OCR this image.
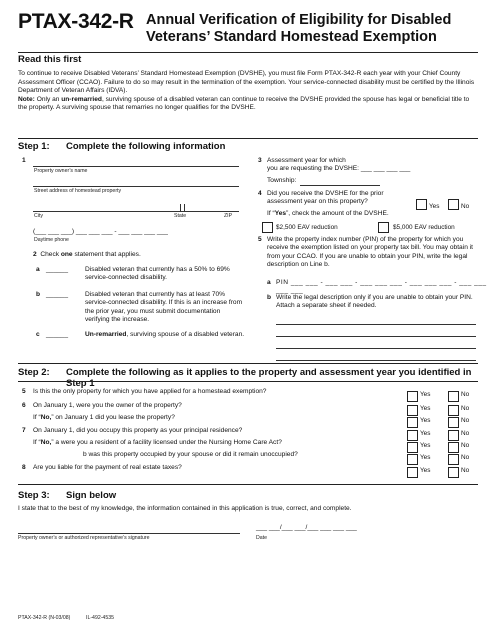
PTAX-342-R Annual Verification of Eligibility for Disabled
Veterans’ Standard Homestead Exemption
Read this first

To continue to receive Disabled Veterans’ Standard Homestead Exemption (DVSHE), you must file Form PTAX-342-R each year with your Chief County Assessment Officer (CCAO). Failure to do so may result in the termination of the exemption. Your service-connected disability must be certified by the Illinois Department of Veteran Affairs (IDVA).

Note: Only an un-remarried, surviving spouse of a disabled veteran can continue to receive the DVSHE provided the spouse has legal or beneficial title to the property. A surviving spouse that remarries no longer qualifies for the DVSHE.

Step 1: Complete the following information
1
Property owner’s name
Street address of homestead property
City	State	ZIP
(___ ___ ___) ___ ___ ___ - ___ ___ ___ ___
Daytime phone
2 Check one statement that applies.
a ______	Disabled veteran that currently has a 50% to 69% service-connected disability.
b ______	Disabled veteran that currently has at least 70% service-connected disability. If this is an increase from the prior year, you must submit documentation verifying the increase.
c ______	Un-remarried, surviving spouse of a disabled veteran.
3 Assessment year for which
you are requesting the DVSHE: ___ ___ ___ ___
Township:
4 Did you receive the DVSHE for the prior assessment year on this property?
Yes	No
If “Yes”, check the amount of the DVSHE.
$2,500 EAV reduction	$5,000 EAV reduction
5 Write the property index number (PIN) of the property for which you receive the exemption listed on your property tax bill. You may obtain it from your CCAO. If you are unable to obtain your PIN, write the legal description on Line b.
a PIN ___ ___ - ___ ___ - ___ ___ ___ - ___ ___ ___ - ___ ___ ___ ___
b Write the legal description only if you are unable to obtain your PIN. Attach a separate sheet if needed.
Step 2: Complete the following as it applies to the property and assessment year you identified in Step 1
5 Is this the only property for which you have applied for a homestead exemption?	Yes	No
6 On January 1, were you the owner of the property?	Yes	No
If “No,” on January 1 did you lease the property?	Yes	No
7 On January 1, did you occupy this property as your principal residence?	Yes	No
If “No,” a were you a resident of a facility licensed under the Nursing Home Care Act?	Yes	No
b was this property occupied by your spouse or did it remain unoccupied?	Yes	No
8 Are you liable for the payment of real estate taxes?	Yes	No
Step 3: Sign below
I state that to the best of my knowledge, the information contained in this application is true, correct, and complete.
___ ___/___ ___/___ ___ ___ ___
Property owner’s or authorized representative’s signature	Date
PTAX-342-R (N-03/08)	IL-492-4535
